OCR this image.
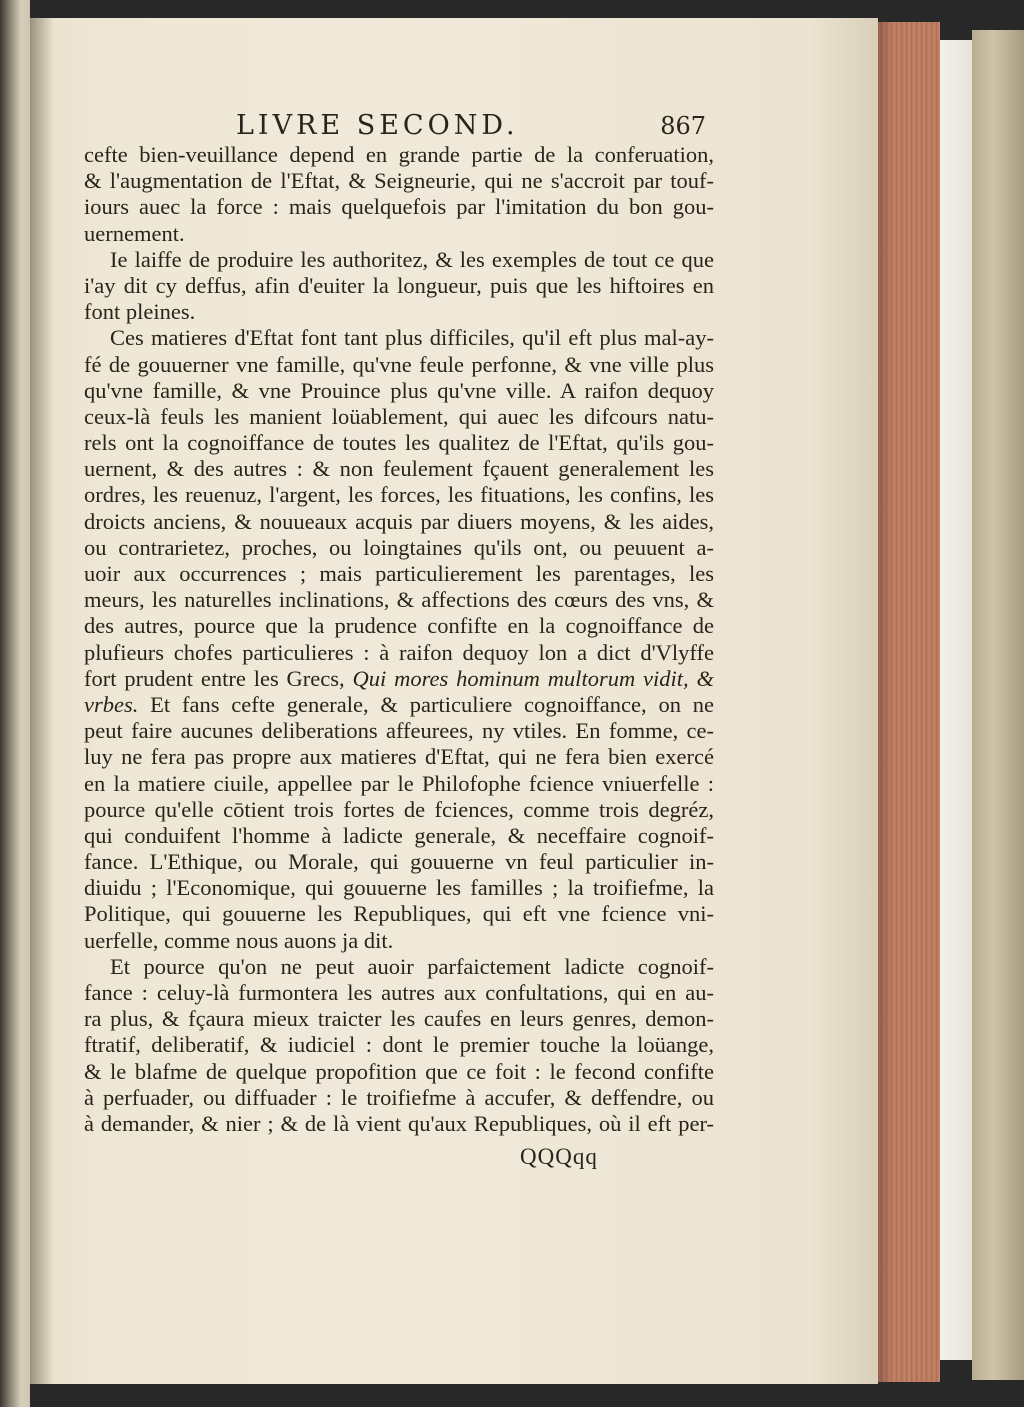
LIVRE SECOND.	867
cefte bien-veuillance depend en grande partie de la conferuation,
& l'augmentation de l'Eftat, & Seigneurie, qui ne s'accroit par touf-
iours auec la force : mais quelquefois par l'imitation du bon gou-
uernement.
Ie laiffe de produire les authoritez, & les exemples de tout ce que
i'ay dit cy deffus, afin d'euiter la longueur, puis que les hiftoires en
font pleines.
Ces matieres d'Eftat font tant plus difficiles, qu'il eft plus mal-ay-
fé de gouuerner vne famille, qu'vne feule perfonne, & vne ville plus
qu'vne famille, & vne Prouince plus qu'vne ville. A raifon dequoy
ceux-là feuls les manient loüablement, qui auec les difcours natu-
rels ont la cognoiffance de toutes les qualitez de l'Eftat, qu'ils gou-
uernent, & des autres : & non feulement fçauent generalement les
ordres, les reuenuz, l'argent, les forces, les fituations, les confins, les
droicts anciens, & nouueaux acquis par diuers moyens, & les aides,
ou contrarietez, proches, ou loingtaines qu'ils ont, ou peuuent a-
uoir aux occurrences ; mais particulierement les parentages, les
meurs, les naturelles inclinations, & affections des cœurs des vns, &
des autres, pource que la prudence confifte en la cognoiffance de
plufieurs chofes particulieres : à raifon dequoy lon a dict d'Vlyffe
fort prudent entre les Grecs, Qui mores hominum multorum vidit, &
vrbes. Et fans cefte generale, & particuliere cognoiffance, on ne
peut faire aucunes deliberations affeurees, ny vtiles. En fomme, ce-
luy ne fera pas propre aux matieres d'Eftat, qui ne fera bien exercé
en la matiere ciuile, appellee par le Philofophe fcience vniuerfelle :
pource qu'elle cōtient trois fortes de fciences, comme trois degréz,
qui conduifent l'homme à ladicte generale, & neceffaire cognoif-
fance. L'Ethique, ou Morale, qui gouuerne vn feul particulier in-
diuidu ; l'Economique, qui gouuerne les familles ; la troifiefme, la
Politique, qui gouuerne les Republiques, qui eft vne fcience vni-
uerfelle, comme nous auons ja dit.
Et pource qu'on ne peut auoir parfaictement ladicte cognoif-
fance : celuy-là furmontera les autres aux confultations, qui en au-
ra plus, & fçaura mieux traicter les caufes en leurs genres, demon-
ftratif, deliberatif, & iudiciel : dont le premier touche la loüange,
& le blafme de quelque propofition que ce foit : le fecond confifte
à perfuader, ou diffuader : le troifiefme à accufer, & deffendre, ou
à demander, & nier ; & de là vient qu'aux Republiques, où il eft per-
QQQqq
